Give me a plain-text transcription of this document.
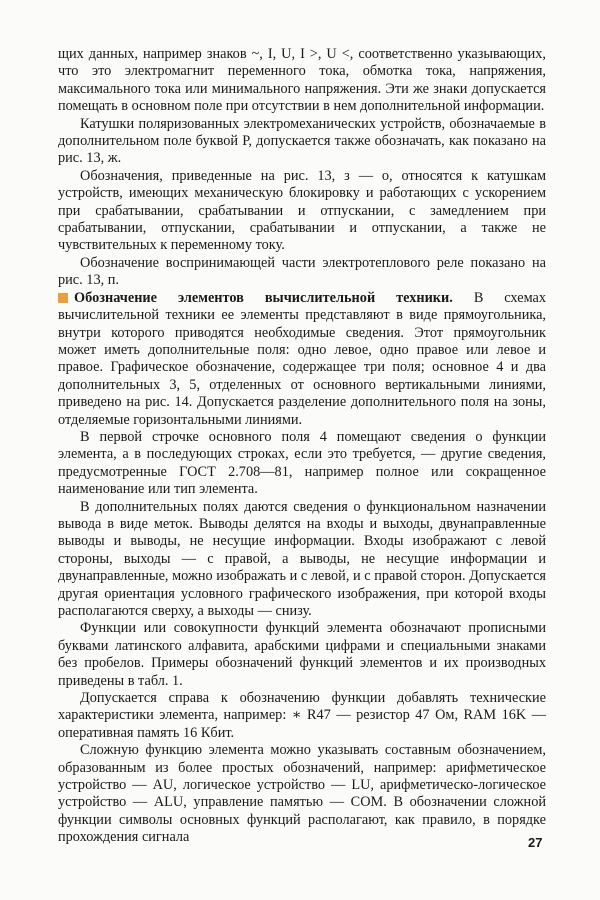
щих данных, например знаков ~, I, U, I >, U <, соответственно указывающих, что это электромагнит переменного тока, обмотка тока, напряжения, максимального тока или минимального напряжения. Эти же знаки допускается помещать в основном поле при отсутствии в нем дополнительной информации.

Катушки поляризованных электромеханических устройств, обозначаемые в дополнительном поле буквой Р, допускается также обозначать, как показано на рис. 13, ж.

Обозначения, приведенные на рис. 13, з — о, относятся к катушкам устройств, имеющих механическую блокировку и работающих с ускорением при срабатывании, срабатывании и отпускании, с замедлением при срабатывании, отпускании, срабатывании и отпускании, а также не чувствительных к переменному току.

Обозначение воспринимающей части электротеплового реле показано на рис. 13, п.

Обозначение элементов вычислительной техники. В схемах вычислительной техники ее элементы представляют в виде прямоугольника, внутри которого приводятся необходимые сведения. Этот прямоугольник может иметь дополнительные поля: одно левое, одно правое или левое и правое. Графическое обозначение, содержащее три поля; основное 4 и два дополнительных 3, 5, отделенных от основного вертикальными линиями, приведено на рис. 14. Допускается разделение дополнительного поля на зоны, отделяемые горизонтальными линиями.

В первой строчке основного поля 4 помещают сведения о функции элемента, а в последующих строках, если это требуется, — другие сведения, предусмотренные ГОСТ 2.708—81, например полное или сокращенное наименование или тип элемента.

В дополнительных полях даются сведения о функциональном назначении вывода в виде меток. Выводы делятся на входы и выходы, двунаправленные выводы и выводы, не несущие информации. Входы изображают с левой стороны, выходы — с правой, а выводы, не несущие информации и двунаправленные, можно изображать и с левой, и с правой сторон. Допускается другая ориентация условного графического изображения, при которой входы располагаются сверху, а выходы — снизу.

Функции или совокупности функций элемента обозначают прописными буквами латинского алфавита, арабскими цифрами и специальными знаками без пробелов. Примеры обозначений функций элементов и их производных приведены в табл. 1.

Допускается справа к обозначению функции добавлять технические характеристики элемента, например: ∗ R47 — резистор 47 Ом, RAM 16K — оперативная память 16 Кбит.

Сложную функцию элемента можно указывать составным обозначением, образованным из более простых обозначений, например: арифметическое устройство — AU, логическое устройство — LU, арифметическо-логическое устройство — ALU, управление памятью — COM. В обозначении сложной функции символы основных функций располагают, как правило, в порядке прохождения сигнала	27
